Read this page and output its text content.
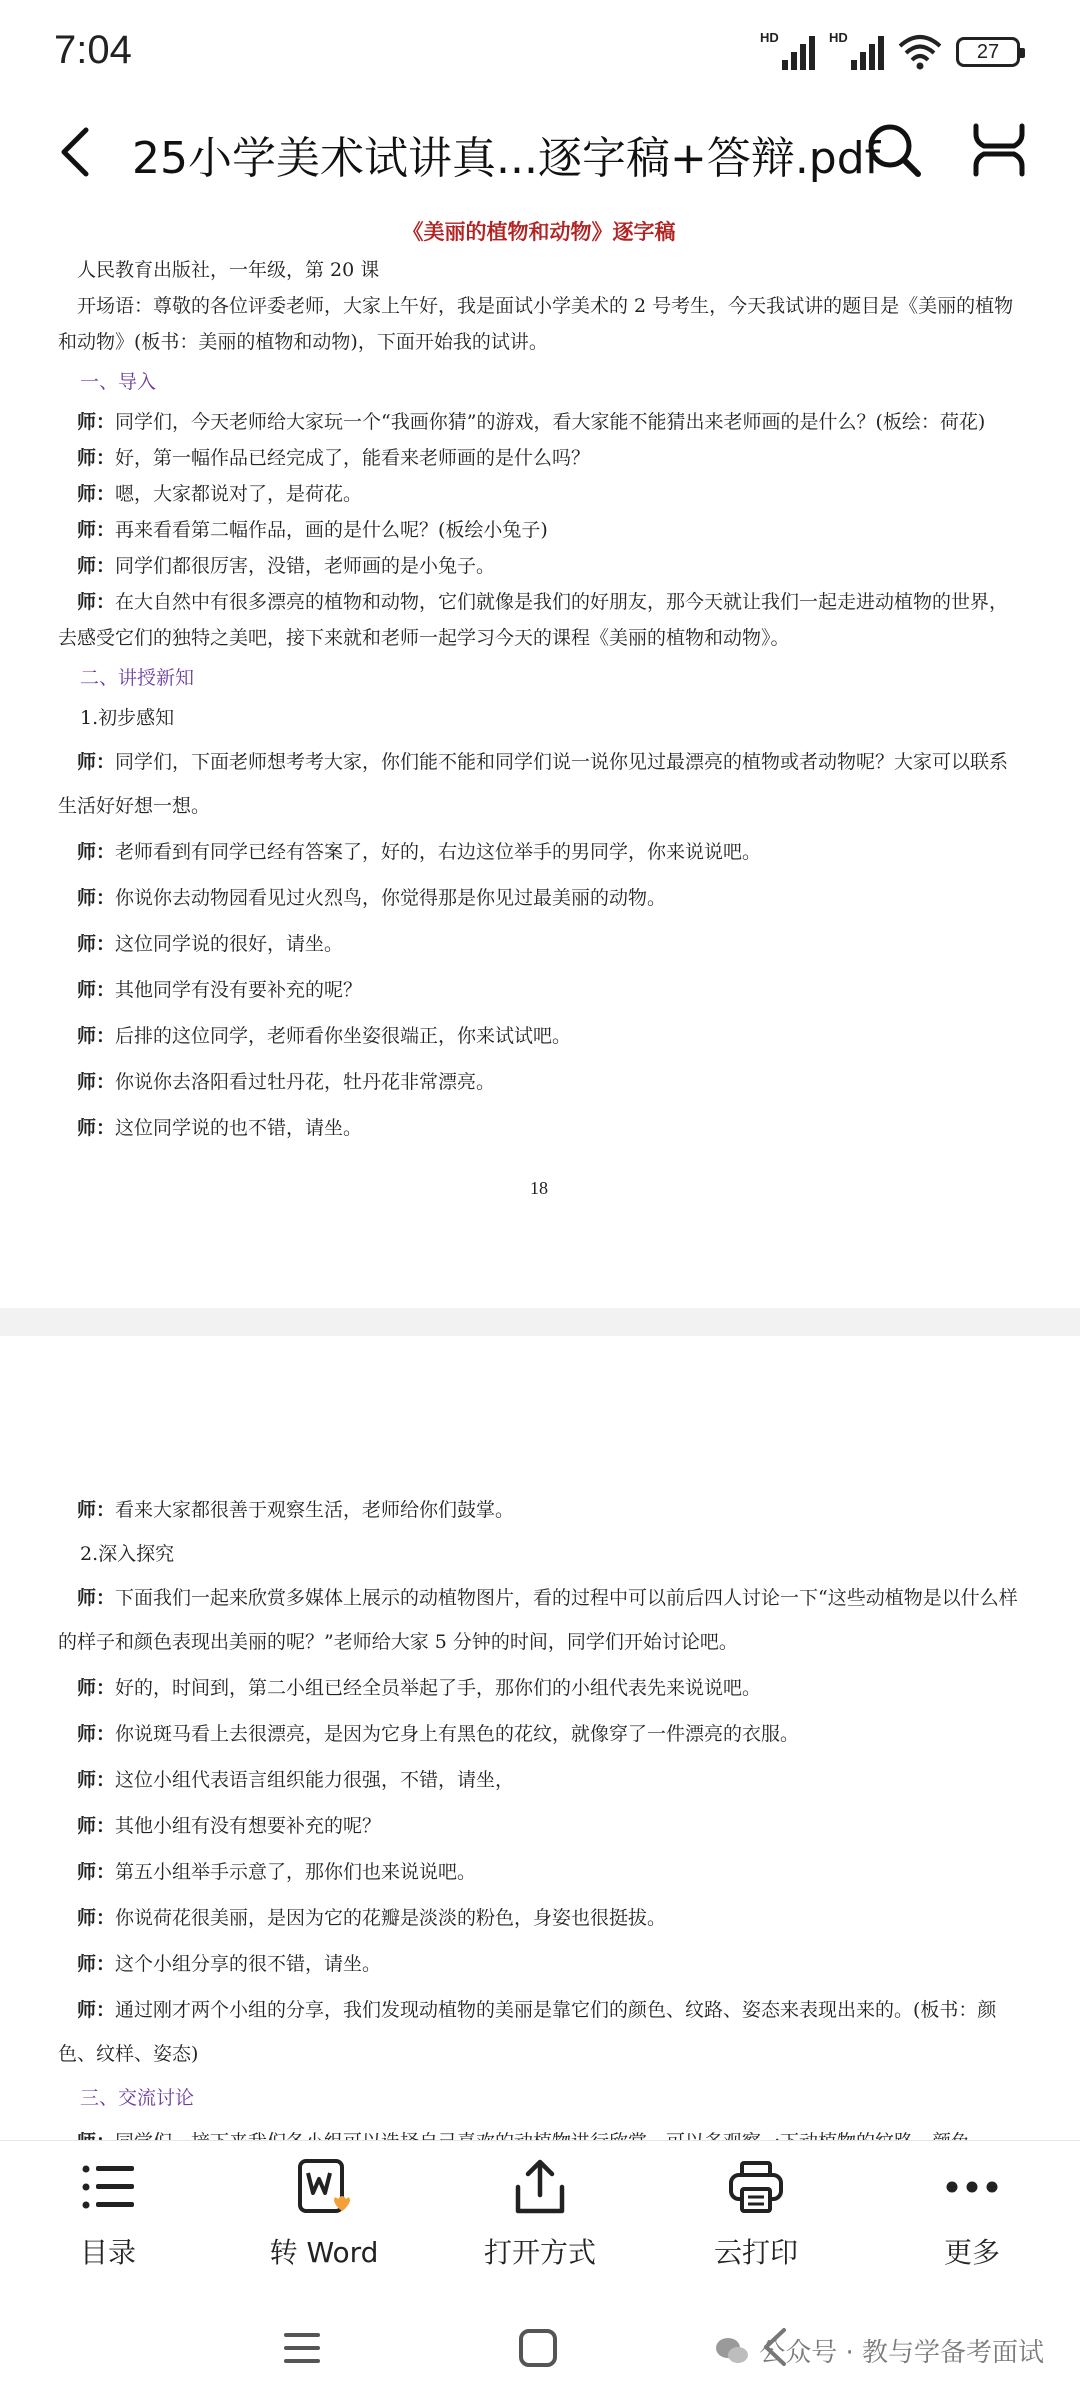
7:04	HD	HD
27
25小学美术试讲真...逐字稿+答辩.pdf

《美丽的植物和动物》逐字稿

人民教育出版社，一年级，第 20 课

开场语：尊敬的各位评委老师，大家上午好，我是面试小学美术的 2 号考生，今天我试讲的题目是《美丽的植物和动物》(板书：美丽的植物和动物)，下面开始我的试讲。

一、导入

师：同学们，今天老师给大家玩一个“我画你猜”的游戏，看大家能不能猜出来老师画的是什么？(板绘：荷花)

师：好，第一幅作品已经完成了，能看来老师画的是什么吗？

师：嗯，大家都说对了，是荷花。

师：再来看看第二幅作品，画的是什么呢？(板绘小兔子)

师：同学们都很厉害，没错，老师画的是小兔子。

师：在大自然中有很多漂亮的植物和动物，它们就像是我们的好朋友，那今天就让我们一起走进动植物的世界，去感受它们的独特之美吧，接下来就和老师一起学习今天的课程《美丽的植物和动物》。

二、讲授新知

1.初步感知

师：同学们，下面老师想考考大家，你们能不能和同学们说一说你见过最漂亮的植物或者动物呢？大家可以联系生活好好想一想。

师：老师看到有同学已经有答案了，好的，右边这位举手的男同学，你来说说吧。

师：你说你去动物园看见过火烈鸟，你觉得那是你见过最美丽的动物。

师：这位同学说的很好，请坐。

师：其他同学有没有要补充的呢？

师：后排的这位同学，老师看你坐姿很端正，你来试试吧。

师：你说你去洛阳看过牡丹花，牡丹花非常漂亮。

师：这位同学说的也不错，请坐。

18

师：看来大家都很善于观察生活，老师给你们鼓掌。

2.深入探究

师：下面我们一起来欣赏多媒体上展示的动植物图片，看的过程中可以前后四人讨论一下“这些动植物是以什么样的样子和颜色表现出美丽的呢？”老师给大家 5 分钟的时间，同学们开始讨论吧。

师：好的，时间到，第二小组已经全员举起了手，那你们的小组代表先来说说吧。

师：你说斑马看上去很漂亮，是因为它身上有黑色的花纹，就像穿了一件漂亮的衣服。

师：这位小组代表语言组织能力很强，不错，请坐，

师：其他小组有没有想要补充的呢？

师：第五小组举手示意了，那你们也来说说吧。

师：你说荷花很美丽，是因为它的花瓣是淡淡的粉色，身姿也很挺拔。

师：这个小组分享的很不错，请坐。

师：通过刚才两个小组的分享，我们发现动植物的美丽是靠它们的颜色、纹路、姿态来表现出来的。(板书：颜色、纹样、姿态)

三、交流讨论

目录	转 Word	打开方式	云打印	更多
公众号 · 教与学备考面试
